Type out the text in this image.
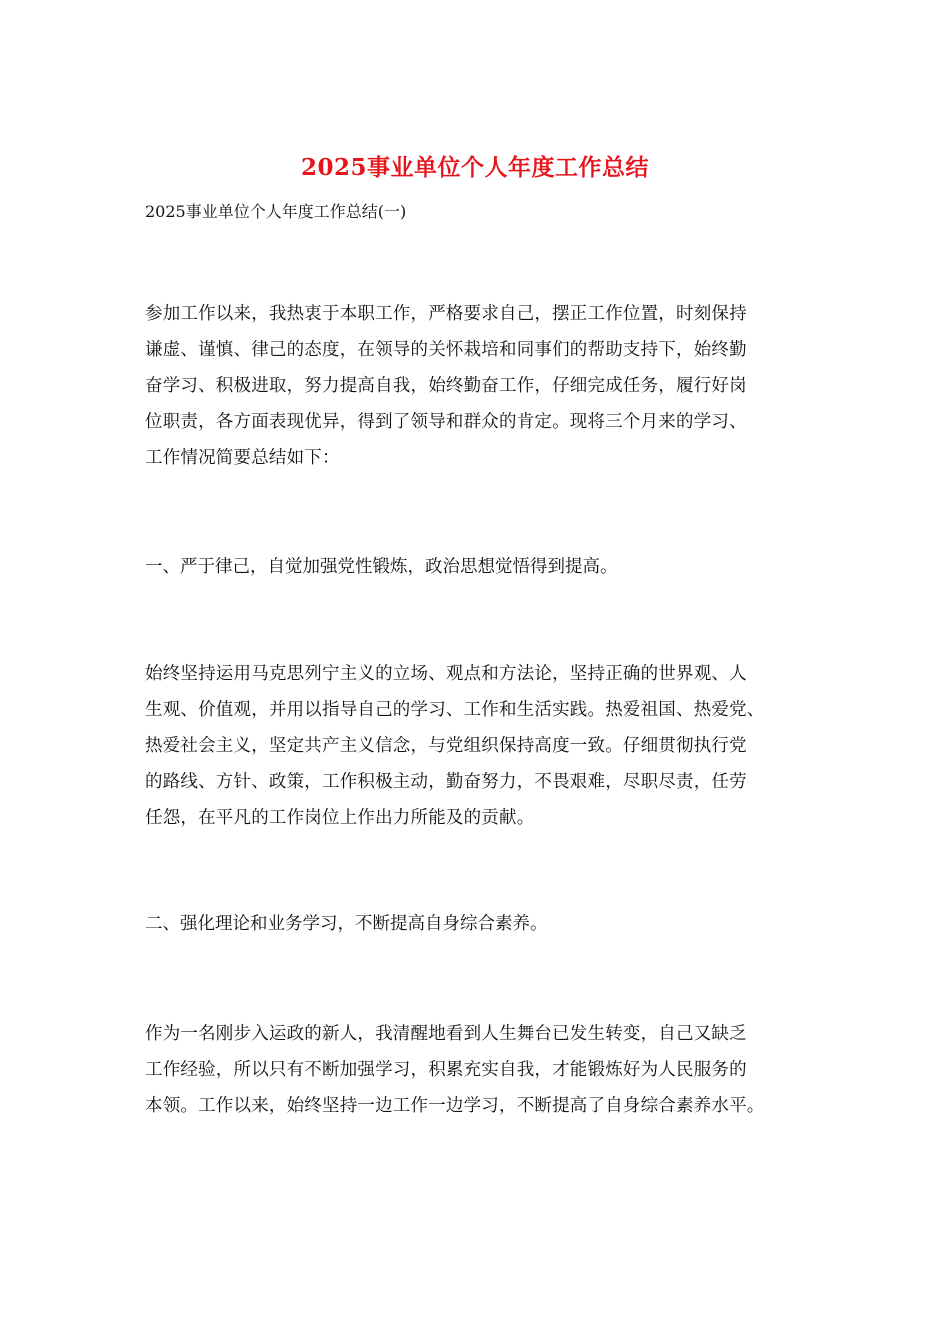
2025事业单位个人年度工作总结
2025事业单位个人年度工作总结(一)
参加工作以来，我热衷于本职工作，严格要求自己，摆正工作位置，时刻保持
谦虚、谨慎、律己的态度，在领导的关怀栽培和同事们的帮助支持下，始终勤
奋学习、积极进取，努力提高自我，始终勤奋工作，仔细完成任务，履行好岗
位职责，各方面表现优异，得到了领导和群众的肯定。现将三个月来的学习、
工作情况简要总结如下：
一、严于律己，自觉加强党性锻炼，政治思想觉悟得到提高。
始终坚持运用马克思列宁主义的立场、观点和方法论，坚持正确的世界观、人
生观、价值观，并用以指导自己的学习、工作和生活实践。热爱祖国、热爱党、
热爱社会主义，坚定共产主义信念，与党组织保持高度一致。仔细贯彻执行党
的路线、方针、政策，工作积极主动，勤奋努力，不畏艰难，尽职尽责，任劳
任怨，在平凡的工作岗位上作出力所能及的贡献。
二、强化理论和业务学习，不断提高自身综合素养。
作为一名刚步入运政的新人，我清醒地看到人生舞台已发生转变，自己又缺乏
工作经验，所以只有不断加强学习，积累充实自我，才能锻炼好为人民服务的
本领。工作以来，始终坚持一边工作一边学习，不断提高了自身综合素养水平。
